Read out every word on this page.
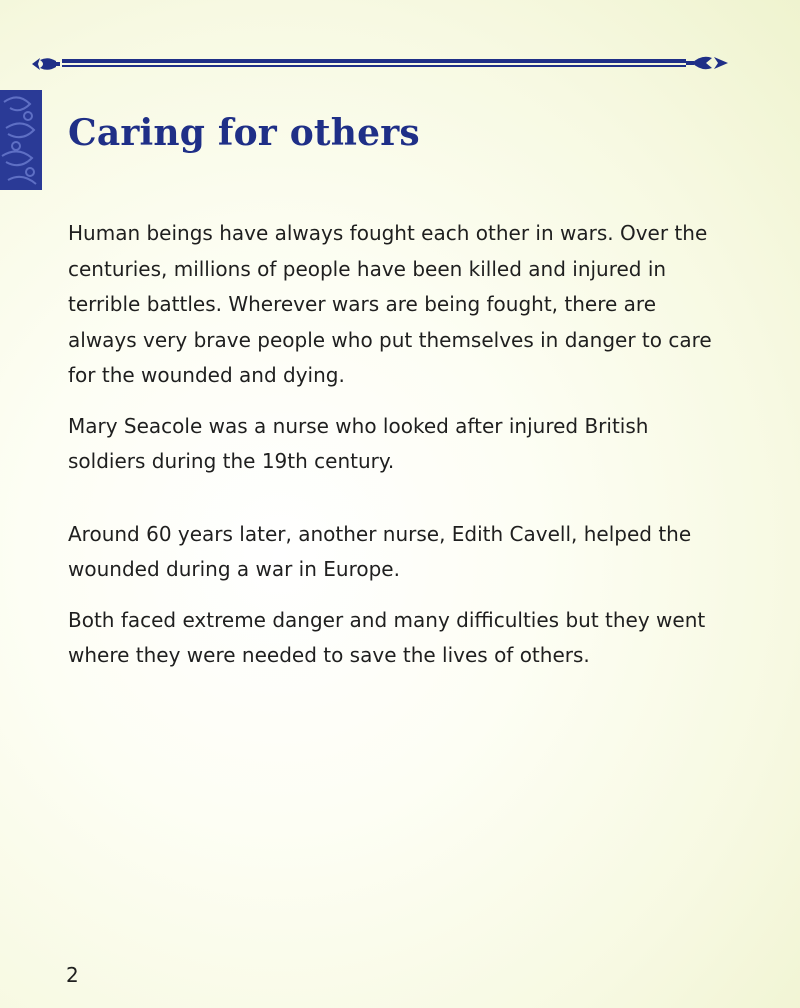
Caring for others

Human beings have always fought each other in wars. Over the centuries, millions of people have been killed and injured in terrible battles. Wherever wars are being fought, there are always very brave people who put themselves in danger to care for the wounded and dying.

Mary Seacole was a nurse who looked after injured British soldiers during the 19th century.

Around 60 years later, another nurse, Edith Cavell, helped the wounded during a war in Europe.

Both faced extreme danger and many difficulties but they went where they were needed to save the lives of others.

2
